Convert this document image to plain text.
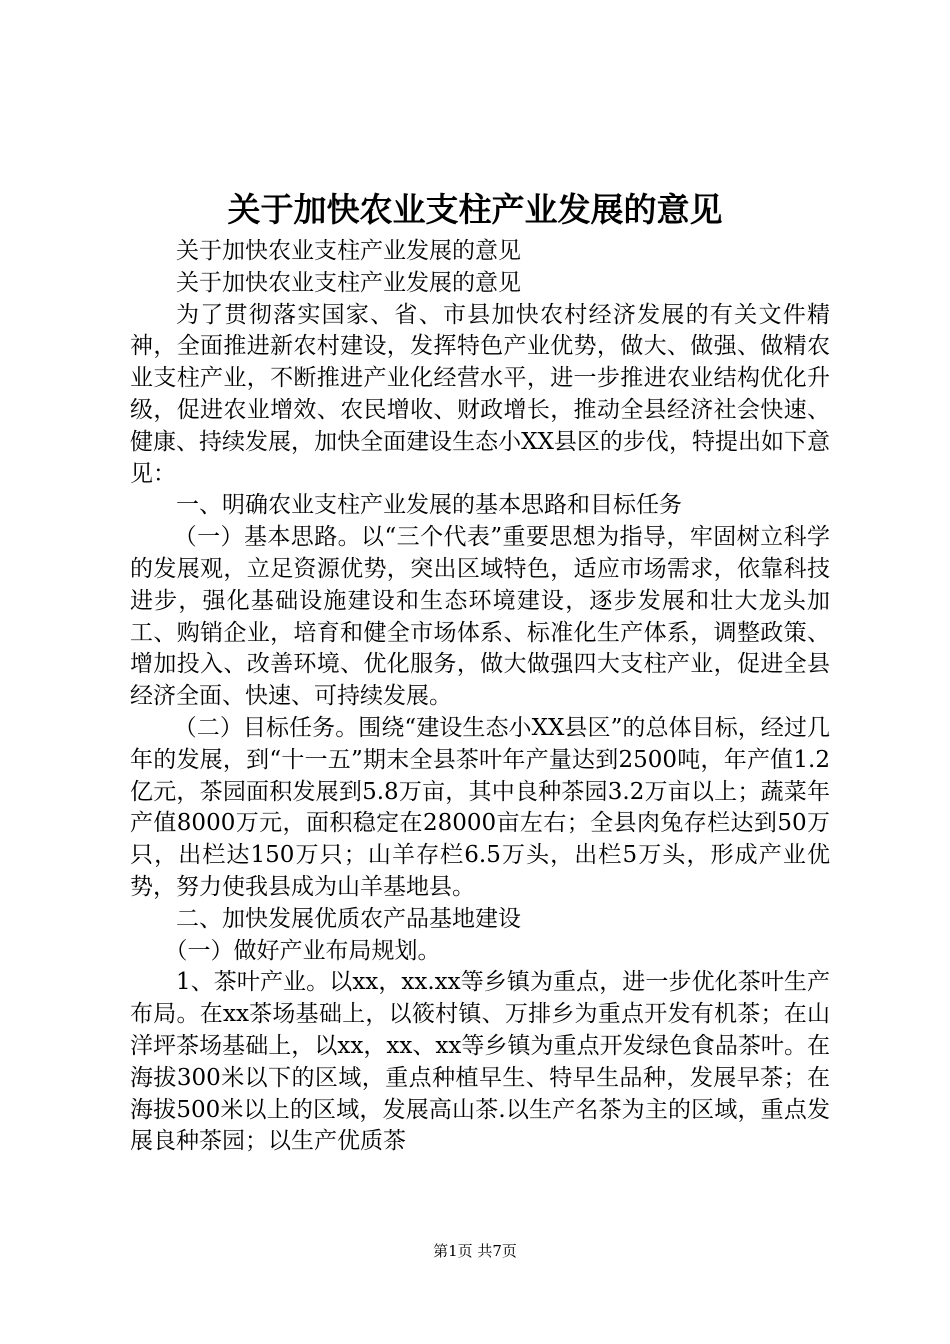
关于加快农业支柱产业发展的意见

关于加快农业支柱产业发展的意见

关于加快农业支柱产业发展的意见

为了贯彻落实国家、省、市县加快农村经济发展的有关文件精神，全面推进新农村建设，发挥特色产业优势，做大、做强、做精农业支柱产业，不断推进产业化经营水平，进一步推进农业结构优化升级，促进农业增效、农民增收、财政增长，推动全县经济社会快速、健康、持续发展，加快全面建设生态小XX县区的步伐，特提出如下意见：

一、明确农业支柱产业发展的基本思路和目标任务

（一）基本思路。以“三个代表”重要思想为指导，牢固树立科学的发展观，立足资源优势，突出区域特色，适应市场需求，依靠科技进步，强化基础设施建设和生态环境建设，逐步发展和壮大龙头加工、购销企业，培育和健全市场体系、标准化生产体系，调整政策、增加投入、改善环境、优化服务，做大做强四大支柱产业，促进全县经济全面、快速、可持续发展。

（二）目标任务。围绕“建设生态小XX县区”的总体目标，经过几年的发展，到“十一五”期末全县茶叶年产量达到2500吨，年产值1.2亿元，茶园面积发展到5.8万亩，其中良种茶园3.2万亩以上；蔬菜年产值8000万元，面积稳定在28000亩左右；全县肉兔存栏达到50万只，出栏达150万只；山羊存栏6.5万头，出栏5万头，形成产业优势，努力使我县成为山羊基地县。

二、加快发展优质农产品基地建设

（一）做好产业布局规划。

1、茶叶产业。以xx，xx.xx等乡镇为重点，进一步优化茶叶生产布局。在xx茶场基础上，以筱村镇、万排乡为重点开发有机茶；在山洋坪茶场基础上，以xx，xx、xx等乡镇为重点开发绿色食品茶叶。在海拔300米以下的区域，重点种植早生、特早生品种，发展早茶；在海拔500米以上的区域，发展高山茶.以生产名茶为主的区域，重点发展良种茶园；以生产优质茶

第1页 共7页
